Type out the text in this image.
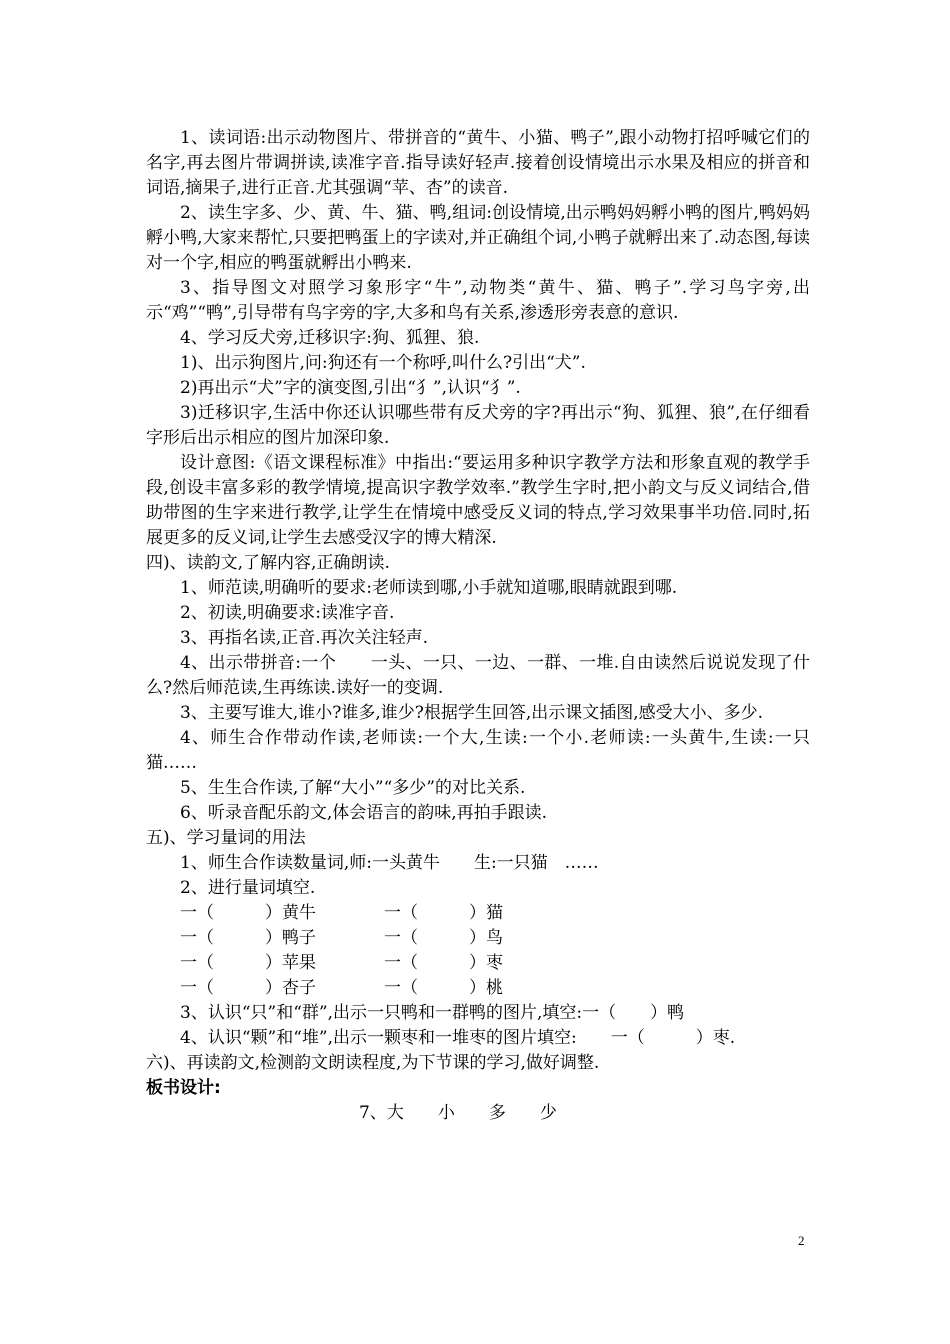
1、读词语:出示动物图片、带拼音的“黄牛、小猫、鸭子”,跟小动物打招呼喊它们的名字,再去图片带调拼读,读准字音.指导读好轻声.接着创设情境出示水果及相应的拼音和词语,摘果子,进行正音.尤其强调“苹、杏”的读音.

2、读生字多、少、黄、牛、猫、鸭,组词:创设情境,出示鸭妈妈孵小鸭的图片,鸭妈妈孵小鸭,大家来帮忙,只要把鸭蛋上的字读对,并正确组个词,小鸭子就孵出来了.动态图,每读对一个字,相应的鸭蛋就孵出小鸭来.

3、指导图文对照学习象形字“牛”,动物类“黄牛、猫、鸭子”.学习鸟字旁,出示“鸡”“鸭”,引导带有鸟字旁的字,大多和鸟有关系,渗透形旁表意的意识.

4、学习反犬旁,迁移识字:狗、狐狸、狼.

1)、出示狗图片,问:狗还有一个称呼,叫什么?引出“犬”.

2)再出示“犬”字的演变图,引出“犭”,认识“犭”.

3)迁移识字,生活中你还认识哪些带有反犬旁的字?再出示“狗、狐狸、狼”,在仔细看字形后出示相应的图片加深印象.

设计意图:《语文课程标准》中指出:“要运用多种识字教学方法和形象直观的教学手段,创设丰富多彩的教学情境,提高识字教学效率.”教学生字时,把小韵文与反义词结合,借助带图的生字来进行教学,让学生在情境中感受反义词的特点,学习效果事半功倍.同时,拓展更多的反义词,让学生去感受汉字的博大精深.

四)、读韵文,了解内容,正确朗读.

1、师范读,明确听的要求:老师读到哪,小手就知道哪,眼睛就跟到哪.

2、初读,明确要求:读准字音.

3、再指名读,正音.再次关注轻声.

4、出示带拼音:一个　　一头、一只、一边、一群、一堆.自由读然后说说发现了什么?然后师范读,生再练读.读好一的变调.

3、主要写谁大,谁小?谁多,谁少?根据学生回答,出示课文插图,感受大小、多少.

4、师生合作带动作读,老师读:一个大,生读:一个小.老师读:一头黄牛,生读:一只猫……

5、生生合作读,了解“大小”“多少”的对比关系.

6、听录音配乐韵文,体会语言的韵味,再拍手跟读.

五)、学习量词的用法

1、师生合作读数量词,师:一头黄牛　　生:一只猫　……

2、进行量词填空.

一（　　　）黄牛　　　　一（　　　）猫

一（　　　）鸭子　　　　一（　　　）鸟

一（　　　）苹果　　　　一（　　　）枣

一（　　　）杏子　　　　一（　　　）桃

3、认识“只”和“群”,出示一只鸭和一群鸭的图片,填空:一（　　）鸭

4、认识“颗”和“堆”,出示一颗枣和一堆枣的图片填空:　　一（　　　）枣.

六)、再读韵文,检测韵文朗读程度,为下节课的学习,做好调整.

板书设计:

7、大　　小　　多　　少

2
